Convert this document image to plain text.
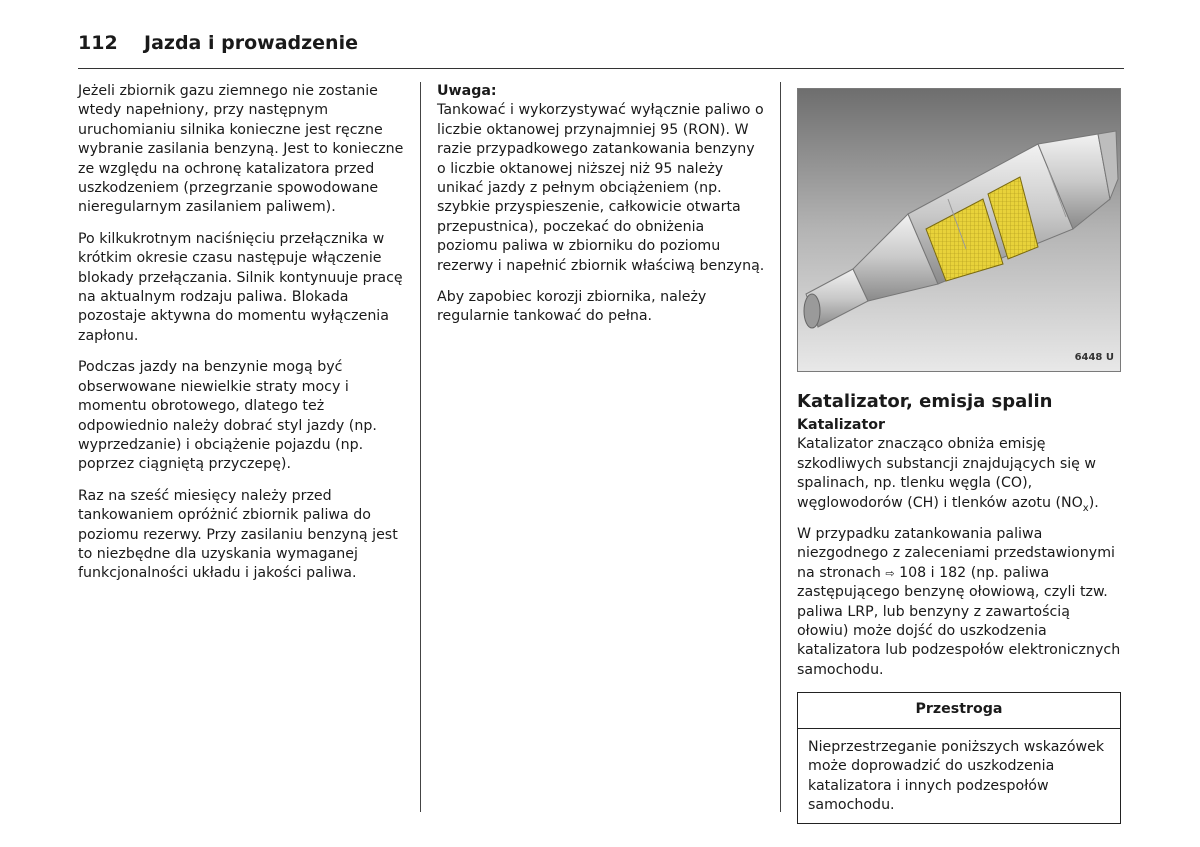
112 Jazda i prowadzenie

Jeżeli zbiornik gazu ziemnego nie zostanie wtedy napełniony, przy następnym uruchomianiu silnika konieczne jest ręczne wybranie zasilania benzyną. Jest to konieczne ze względu na ochronę katalizatora przed uszkodzeniem (przegrzanie spowodowane nieregularnym zasilaniem paliwem).

Po kilkukrotnym naciśnięciu przełącznika w krótkim okresie czasu następuje włączenie blokady przełączania. Silnik kontynuuje pracę na aktualnym rodzaju paliwa. Blokada pozostaje aktywna do momentu wyłączenia zapłonu.

Podczas jazdy na benzynie mogą być obserwowane niewielkie straty mocy i momentu obrotowego, dlatego też odpowiednio należy dobrać styl jazdy (np. wyprzedzanie) i obciążenie pojazdu (np. poprzez ciągniętą przyczepę).

Raz na sześć miesięcy należy przed tankowaniem opróżnić zbiornik paliwa do poziomu rezerwy. Przy zasilaniu benzyną jest to niezbędne dla uzyskania wymaganej funkcjonalności układu i jakości paliwa.

Uwaga:

Tankować i wykorzystywać wyłącznie paliwo o liczbie oktanowej przynajmniej 95 (RON). W razie przypadkowego zatankowania benzyny o liczbie oktanowej niższej niż 95 należy unikać jazdy z pełnym obciążeniem (np. szybkie przyspieszenie, całkowicie otwarta przepustnica), poczekać do obniżenia poziomu paliwa w zbiorniku do poziomu rezerwy i napełnić zbiornik właściwą benzyną.

Aby zapobiec korozji zbiornika, należy regularnie tankować do pełna.

6448 U
Katalizator, emisja spalin
Katalizator

Katalizator znacząco obniża emisję szkodliwych substancji znajdujących się w spalinach, np. tlenku węgla (CO), węglowodorów (CH) i tlenków azotu $(NO_x)$.

W przypadku zatankowania paliwa niezgodnego z zaleceniami przedstawionymi na stronach ⇨ 108 i 182 (np. paliwa zastępującego benzynę ołowiową, czyli tzw. paliwa LRP, lub benzyny z zawartością ołowiu) może dojść do uszkodzenia katalizatora lub podzespołów elektronicznych samochodu.

Przestroga
Nieprzestrzeganie poniższych wskazówek może doprowadzić do uszkodzenia katalizatora i innych podzespołów samochodu.
